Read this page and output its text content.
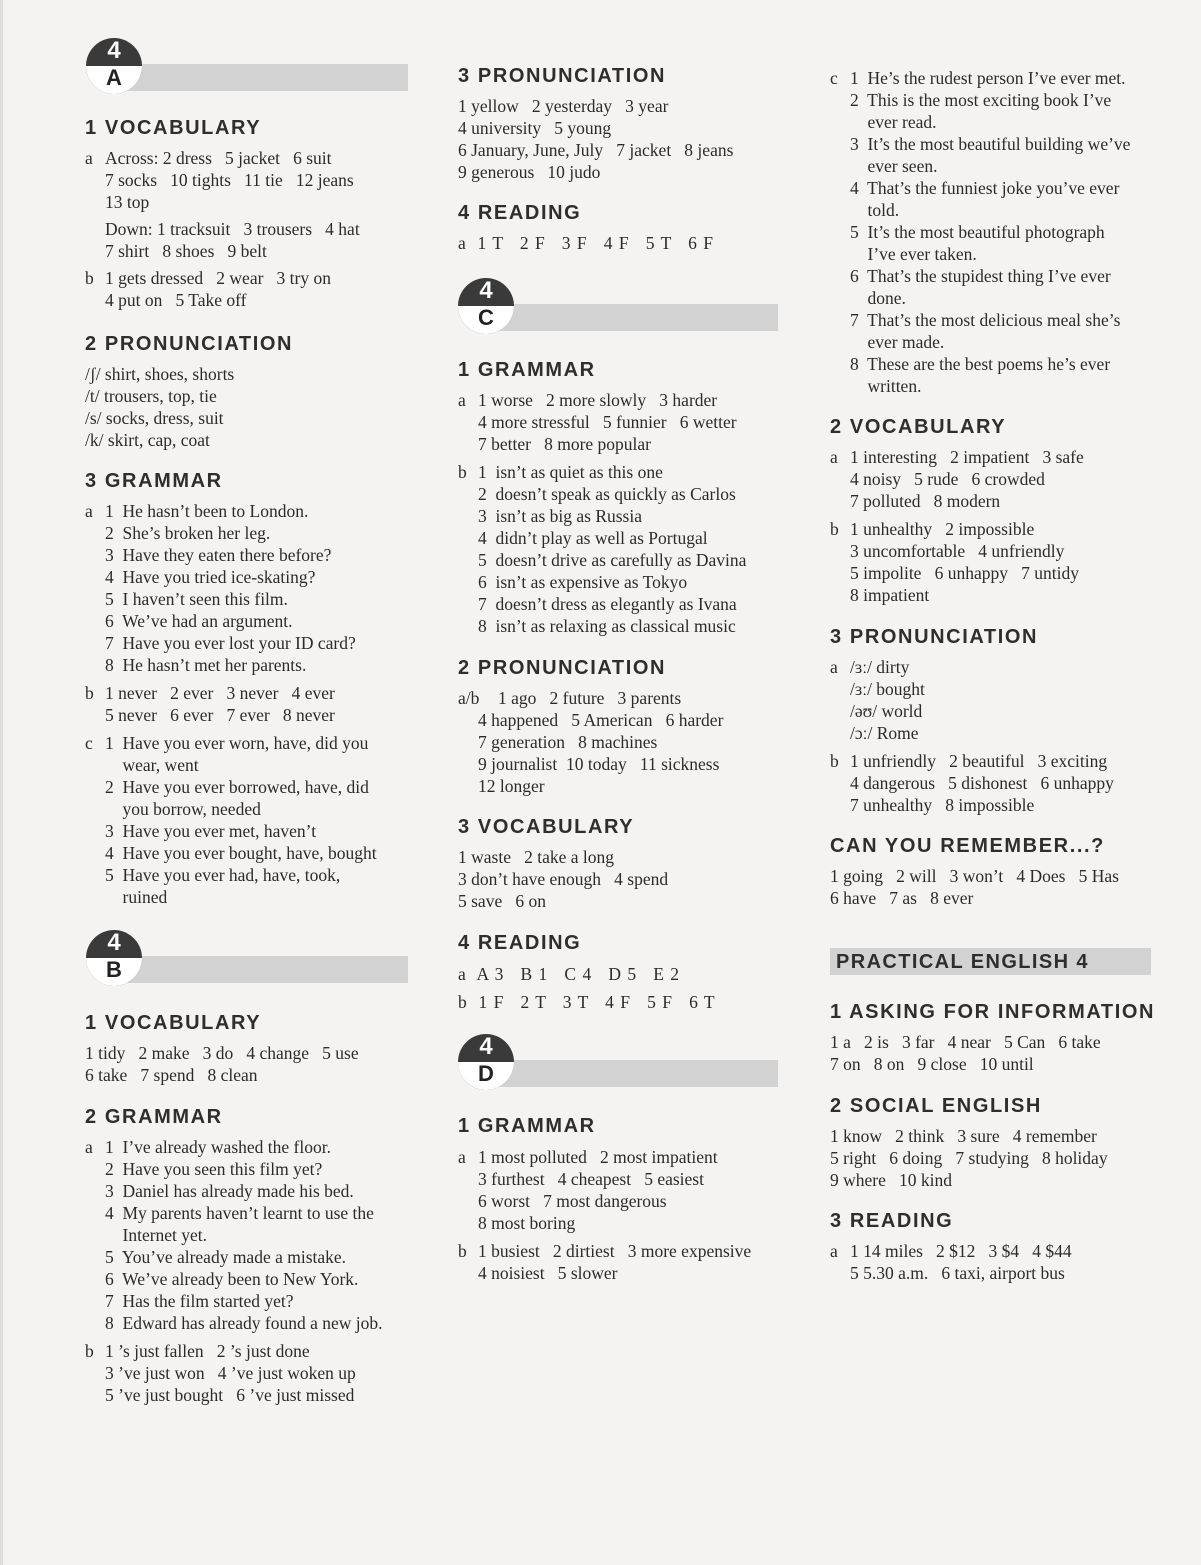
4
A
1 VOCABULARY
a Across: 2 dress   5 jacket   6 suit
7 socks   10 tights   11 tie   12 jeans
13 top
Down: 1 tracksuit   3 trousers   4 hat
7 shirt   8 shoes   9 belt
b 1 gets dressed   2 wear   3 try on
4 put on   5 Take off
2 PRONUNCIATION
/ʃ/ shirt, shoes, shorts
/t/ trousers, top, tie
/s/ socks, dress, suit
/k/ skirt, cap, coat
3 GRAMMAR
a 1  He hasn’t been to London.
2  She’s broken her leg.
3  Have they eaten there before?
4  Have you tried ice-skating?
5  I haven’t seen this film.
6  We’ve had an argument.
7  Have you ever lost your ID card?
8  He hasn’t met her parents.
b 1 never   2 ever   3 never   4 ever
5 never   6 ever   7 ever   8 never
c 1  Have you ever worn, have, did you
wear, went
2  Have you ever borrowed, have, did
you borrow, needed
3  Have you ever met, haven’t
4  Have you ever bought, have, bought
5  Have you ever had, have, took,
ruined
4
B
1 VOCABULARY
1 tidy   2 make   3 do   4 change   5 use
6 take   7 spend   8 clean
2 GRAMMAR
a 1  I’ve already washed the floor.
2  Have you seen this film yet?
3  Daniel has already made his bed.
4  My parents haven’t learnt to use the
Internet yet.
5  You’ve already made a mistake.
6  We’ve already been to New York.
7  Has the film started yet?
8  Edward has already found a new job.
b 1 ’s just fallen   2 ’s just done
3 ’ve just won   4 ’ve just woken up
5 ’ve just bought   6 ’ve just missed
3 PRONUNCIATION
1 yellow   2 yesterday   3 year
4 university   5 young
6 January, June, July   7 jacket   8 jeans
9 generous   10 judo
4 READING
a  1 T   2 F   3 F   4 F   5 T   6 F
4
C
1 GRAMMAR
a 1 worse   2 more slowly   3 harder
4 more stressful   5 funnier   6 wetter
7 better   8 more popular
b 1  isn’t as quiet as this one
2  doesn’t speak as quickly as Carlos
3  isn’t as big as Russia
4  didn’t play as well as Portugal
5  doesn’t drive as carefully as Davina
6  isn’t as expensive as Tokyo
7  doesn’t dress as elegantly as Ivana
8  isn’t as relaxing as classical music
2 PRONUNCIATION
a/b 1 ago   2 future   3 parents
4 happened   5 American   6 harder
7 generation   8 machines
9 journalist  10 today   11 sickness
12 longer
3 VOCABULARY
1 waste   2 take a long
3 don’t have enough   4 spend
5 save   6 on
4 READING
a  A 3   B 1   C 4   D 5   E 2
b  1 F   2 T   3 T   4 F   5 F   6 T
4
D
1 GRAMMAR
a 1 most polluted   2 most impatient
3 furthest   4 cheapest   5 easiest
6 worst   7 most dangerous
8 most boring
b 1 busiest   2 dirtiest   3 more expensive
4 noisiest   5 slower
c 1  He’s the rudest person I’ve ever met.
2  This is the most exciting book I’ve
ever read.
3  It’s the most beautiful building we’ve
ever seen.
4  That’s the funniest joke you’ve ever
told.
5  It’s the most beautiful photograph
I’ve ever taken.
6  That’s the stupidest thing I’ve ever
done.
7  That’s the most delicious meal she’s
ever made.
8  These are the best poems he’s ever
written.
2 VOCABULARY
a 1 interesting   2 impatient   3 safe
4 noisy   5 rude   6 crowded
7 polluted   8 modern
b 1 unhealthy   2 impossible
3 uncomfortable   4 unfriendly
5 impolite   6 unhappy   7 untidy
8 impatient
3 PRONUNCIATION
a /ɜː/ dirty
/ɜː/ bought
/əʊ/ world
/ɔː/ Rome
b 1 unfriendly   2 beautiful   3 exciting
4 dangerous   5 dishonest   6 unhappy
7 unhealthy   8 impossible
CAN YOU REMEMBER...?
1 going   2 will   3 won’t   4 Does   5 Has
6 have   7 as   8 ever
PRACTICAL ENGLISH 4
1 ASKING FOR INFORMATION
1 a   2 is   3 far   4 near   5 Can   6 take
7 on   8 on   9 close   10 until
2 SOCIAL ENGLISH
1 know   2 think   3 sure   4 remember
5 right   6 doing   7 studying   8 holiday
9 where   10 kind
3 READING
a 1 14 miles   2 $12   3 $4   4 $44
5 5.30 a.m.   6 taxi, airport bus
